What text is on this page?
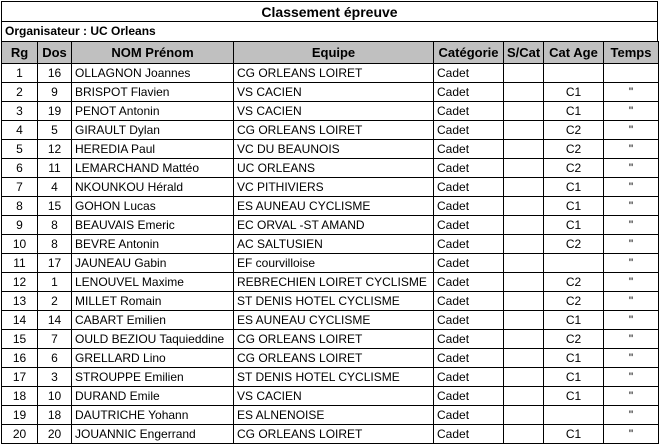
Classement épreuve
Organisateur : UC Orleans
Rg	Dos	NOM Prénom	Equipe	Catégorie	S/Cat	Cat Age	Temps
1	16	OLLAGNON Joannes	CG ORLEANS LOIRET	Cadet			
2	9	BRISPOT Flavien	VS CACIEN	Cadet		C1	"
3	19	PENOT Antonin	VS CACIEN	Cadet		C1	"
4	5	GIRAULT Dylan	CG ORLEANS LOIRET	Cadet		C2	"
5	12	HEREDIA Paul	VC DU BEAUNOIS	Cadet		C2	"
6	11	LEMARCHAND Mattéo	UC ORLEANS	Cadet		C2	"
7	4	NKOUNKOU Hérald	VC PITHIVIERS	Cadet		C1	"
8	15	GOHON Lucas	ES AUNEAU CYCLISME	Cadet		C1	"
9	8	BEAUVAIS Emeric	EC ORVAL -ST AMAND	Cadet		C1	"
10	8	BEVRE Antonin	AC SALTUSIEN	Cadet		C2	"
11	17	JAUNEAU Gabin	EF courvilloise	Cadet			"
12	1	LENOUVEL Maxime	REBRECHIEN LOIRET CYCLISME	Cadet		C2	"
13	2	MILLET Romain	ST DENIS HOTEL CYCLISME	Cadet		C2	"
14	14	CABART Emilien	ES AUNEAU CYCLISME	Cadet		C1	"
15	7	OULD BEZIOU Taquieddine	CG ORLEANS LOIRET	Cadet		C2	"
16	6	GRELLARD Lino	CG ORLEANS LOIRET	Cadet		C1	"
17	3	STROUPPE Emilien	ST DENIS HOTEL CYCLISME	Cadet		C1	"
18	10	DURAND Emile	VS CACIEN	Cadet		C1	"
19	18	DAUTRICHE Yohann	ES ALNENOISE	Cadet			"
20	20	JOUANNIC Engerrand	CG ORLEANS LOIRET	Cadet		C1	"
